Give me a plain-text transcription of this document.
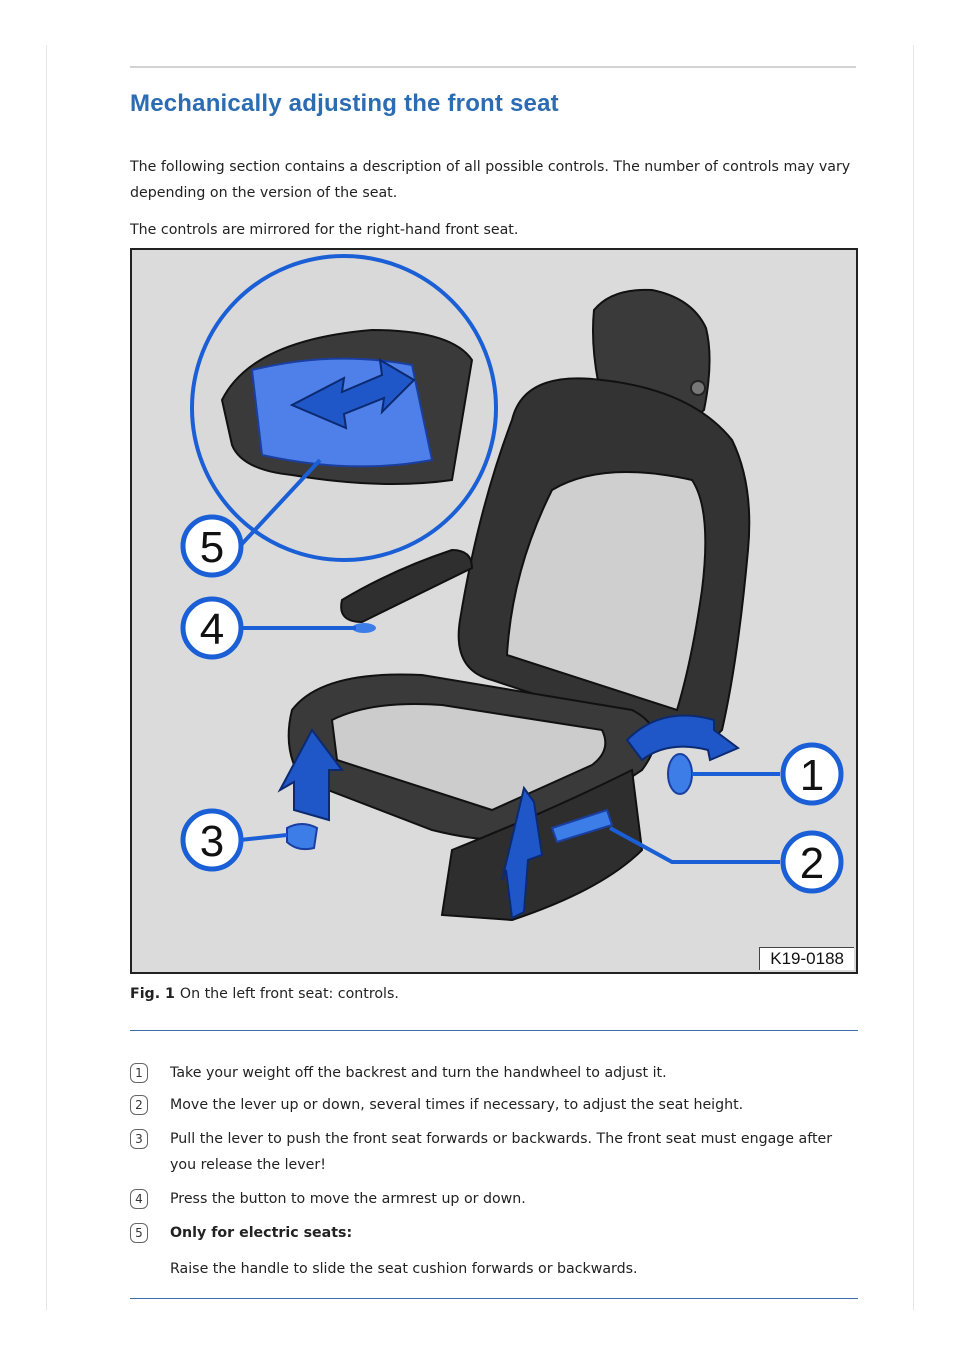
Mechanically adjusting the front seat

The following section contains a description of all possible controls. The number of controls may vary depending on the version of the seat.

The controls are mirrored for the right-hand front seat.

5
4
3
1
2
K19-0188
Fig. 1 On the left front seat: controls.
1	Take your weight off the backrest and turn the handwheel to adjust it.
2	Move the lever up or down, several times if necessary, to adjust the seat height.
3	Pull the lever to push the front seat forwards or backwards. The front seat must engage after you release the lever!
4	Press the button to move the armrest up or down.
5	Only for electric seats:
Raise the handle to slide the seat cushion forwards or backwards.
